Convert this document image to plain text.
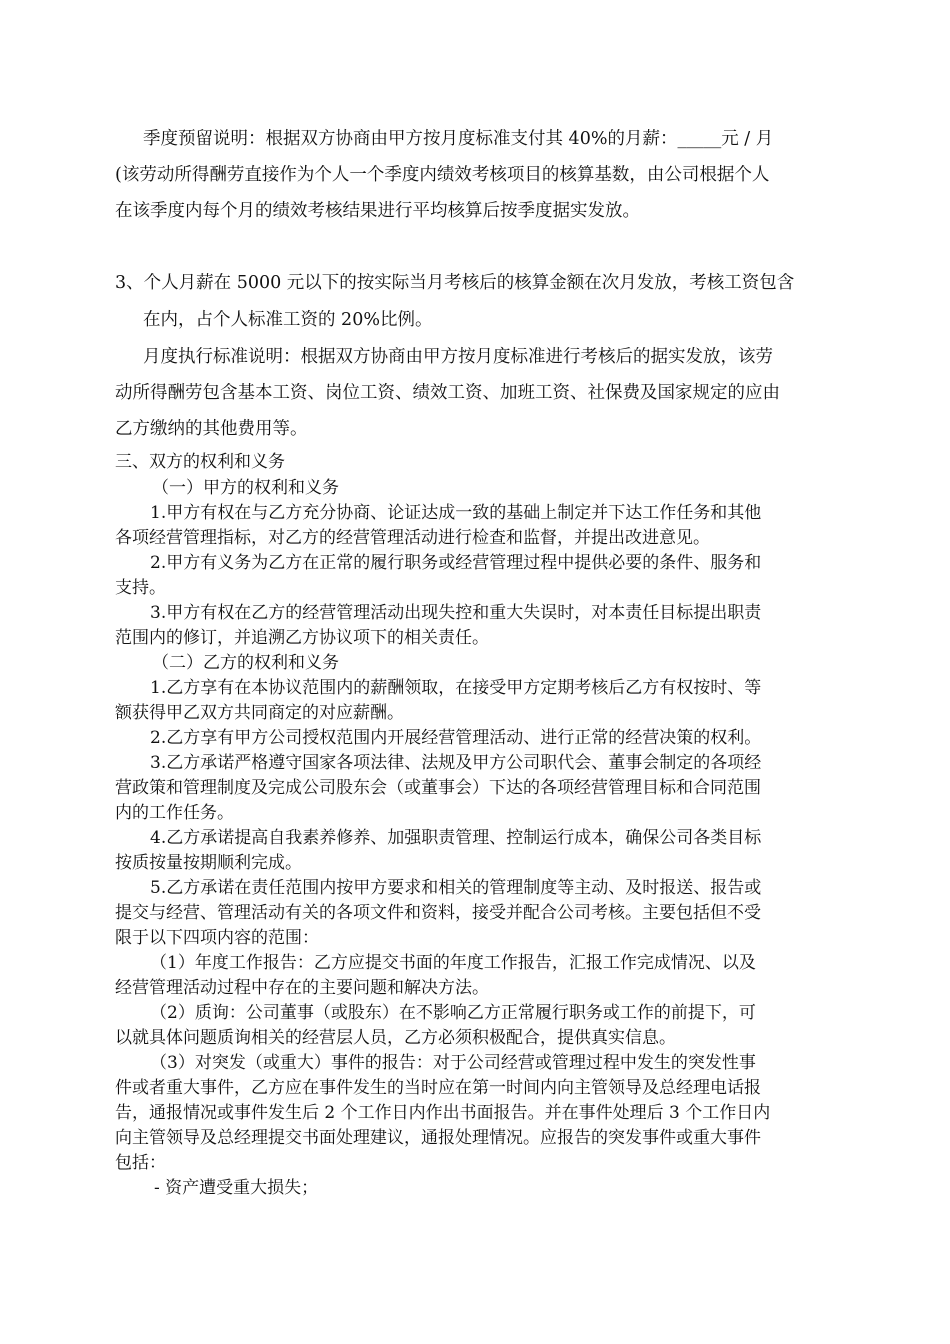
季度预留说明：根据双方协商由甲方按月度标准支付其 40%的月薪：_____元 / 月
(该劳动所得酬劳直接作为个人一个季度内绩效考核项目的核算基数，由公司根据个人
在该季度内每个月的绩效考核结果进行平均核算后按季度据实发放。
3、个人月薪在 5000 元以下的按实际当月考核后的核算金额在次月发放，考核工资包含
在内，占个人标准工资的 20%比例。
月度执行标准说明：根据双方协商由甲方按月度标准进行考核后的据实发放，该劳
动所得酬劳包含基本工资、岗位工资、绩效工资、加班工资、社保费及国家规定的应由
乙方缴纳的其他费用等。
三、双方的权利和义务
（一）甲方的权利和义务
1.甲方有权在与乙方充分协商、论证达成一致的基础上制定并下达工作任务和其他
各项经营管理指标，对乙方的经营管理活动进行检查和监督，并提出改进意见。
2.甲方有义务为乙方在正常的履行职务或经营管理过程中提供必要的条件、服务和
支持。
3.甲方有权在乙方的经营管理活动出现失控和重大失误时，对本责任目标提出职责
范围内的修订，并追溯乙方协议项下的相关责任。
（二）乙方的权利和义务
1.乙方享有在本协议范围内的薪酬领取，在接受甲方定期考核后乙方有权按时、等
额获得甲乙双方共同商定的对应薪酬。
2.乙方享有甲方公司授权范围内开展经营管理活动、进行正常的经营决策的权利。
3.乙方承诺严格遵守国家各项法律、法规及甲方公司职代会、董事会制定的各项经
营政策和管理制度及完成公司股东会（或董事会）下达的各项经营管理目标和合同范围
内的工作任务。
4.乙方承诺提高自我素养修养、加强职责管理、控制运行成本，确保公司各类目标
按质按量按期顺利完成。
5.乙方承诺在责任范围内按甲方要求和相关的管理制度等主动、及时报送、报告或
提交与经营、管理活动有关的各项文件和资料，接受并配合公司考核。主要包括但不受
限于以下四项内容的范围：
（1）年度工作报告：乙方应提交书面的年度工作报告，汇报工作完成情况、以及
经营管理活动过程中存在的主要问题和解决方法。
（2）质询：公司董事（或股东）在不影响乙方正常履行职务或工作的前提下，可
以就具体问题质询相关的经营层人员，乙方必须积极配合，提供真实信息。
（3）对突发（或重大）事件的报告：对于公司经营或管理过程中发生的突发性事
件或者重大事件，乙方应在事件发生的当时应在第一时间内向主管领导及总经理电话报
告，通报情况或事件发生后 2 个工作日内作出书面报告。并在事件处理后 3 个工作日内
向主管领导及总经理提交书面处理建议，通报处理情况。应报告的突发事件或重大事件
包括：
- 资产遭受重大损失；
